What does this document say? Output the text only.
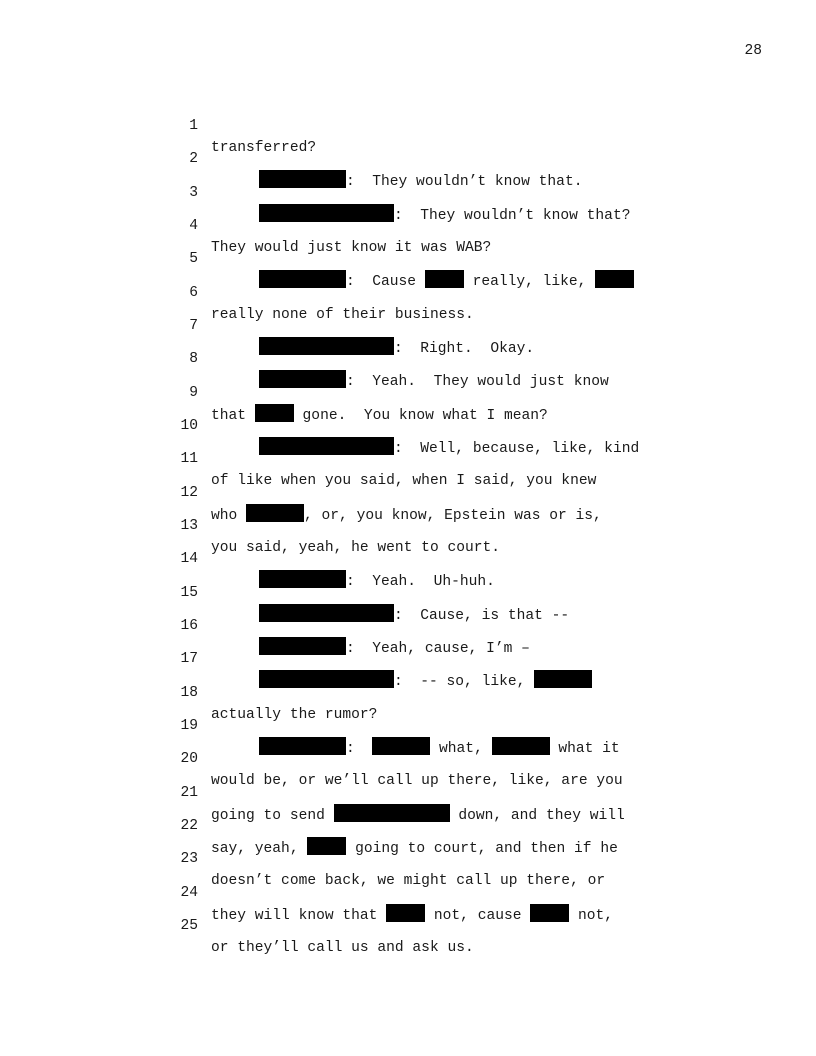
28

1

transferred?

2

:  They wouldn’t know that.

3

:  They wouldn’t know that?

4

They would just know it was WAB?

5

:  Cause	really, like,

6

really none of their business.

7

:  Right.  Okay.

8

:  Yeah.  They would just know

9

that	gone.  You know what I mean?

10

:  Well, because, like, kind

11

of like when you said, when I said, you knew

12

who	, or, you know, Epstein was or is,

13

you said, yeah, he went to court.

14

:  Yeah.  Uh-huh.

15

:  Cause, is that --

16

:  Yeah, cause, I’m –

17

:  -- so, like,

18

actually the rumor?

19

:	what,	what it

20

would be, or we’ll call up there, like, are you

21

going to send	down, and they will

22

say, yeah,	going to court, and then if he

23

doesn’t come back, we might call up there, or

24

they will know that	not, cause	not,

25

or they’ll call us and ask us.
